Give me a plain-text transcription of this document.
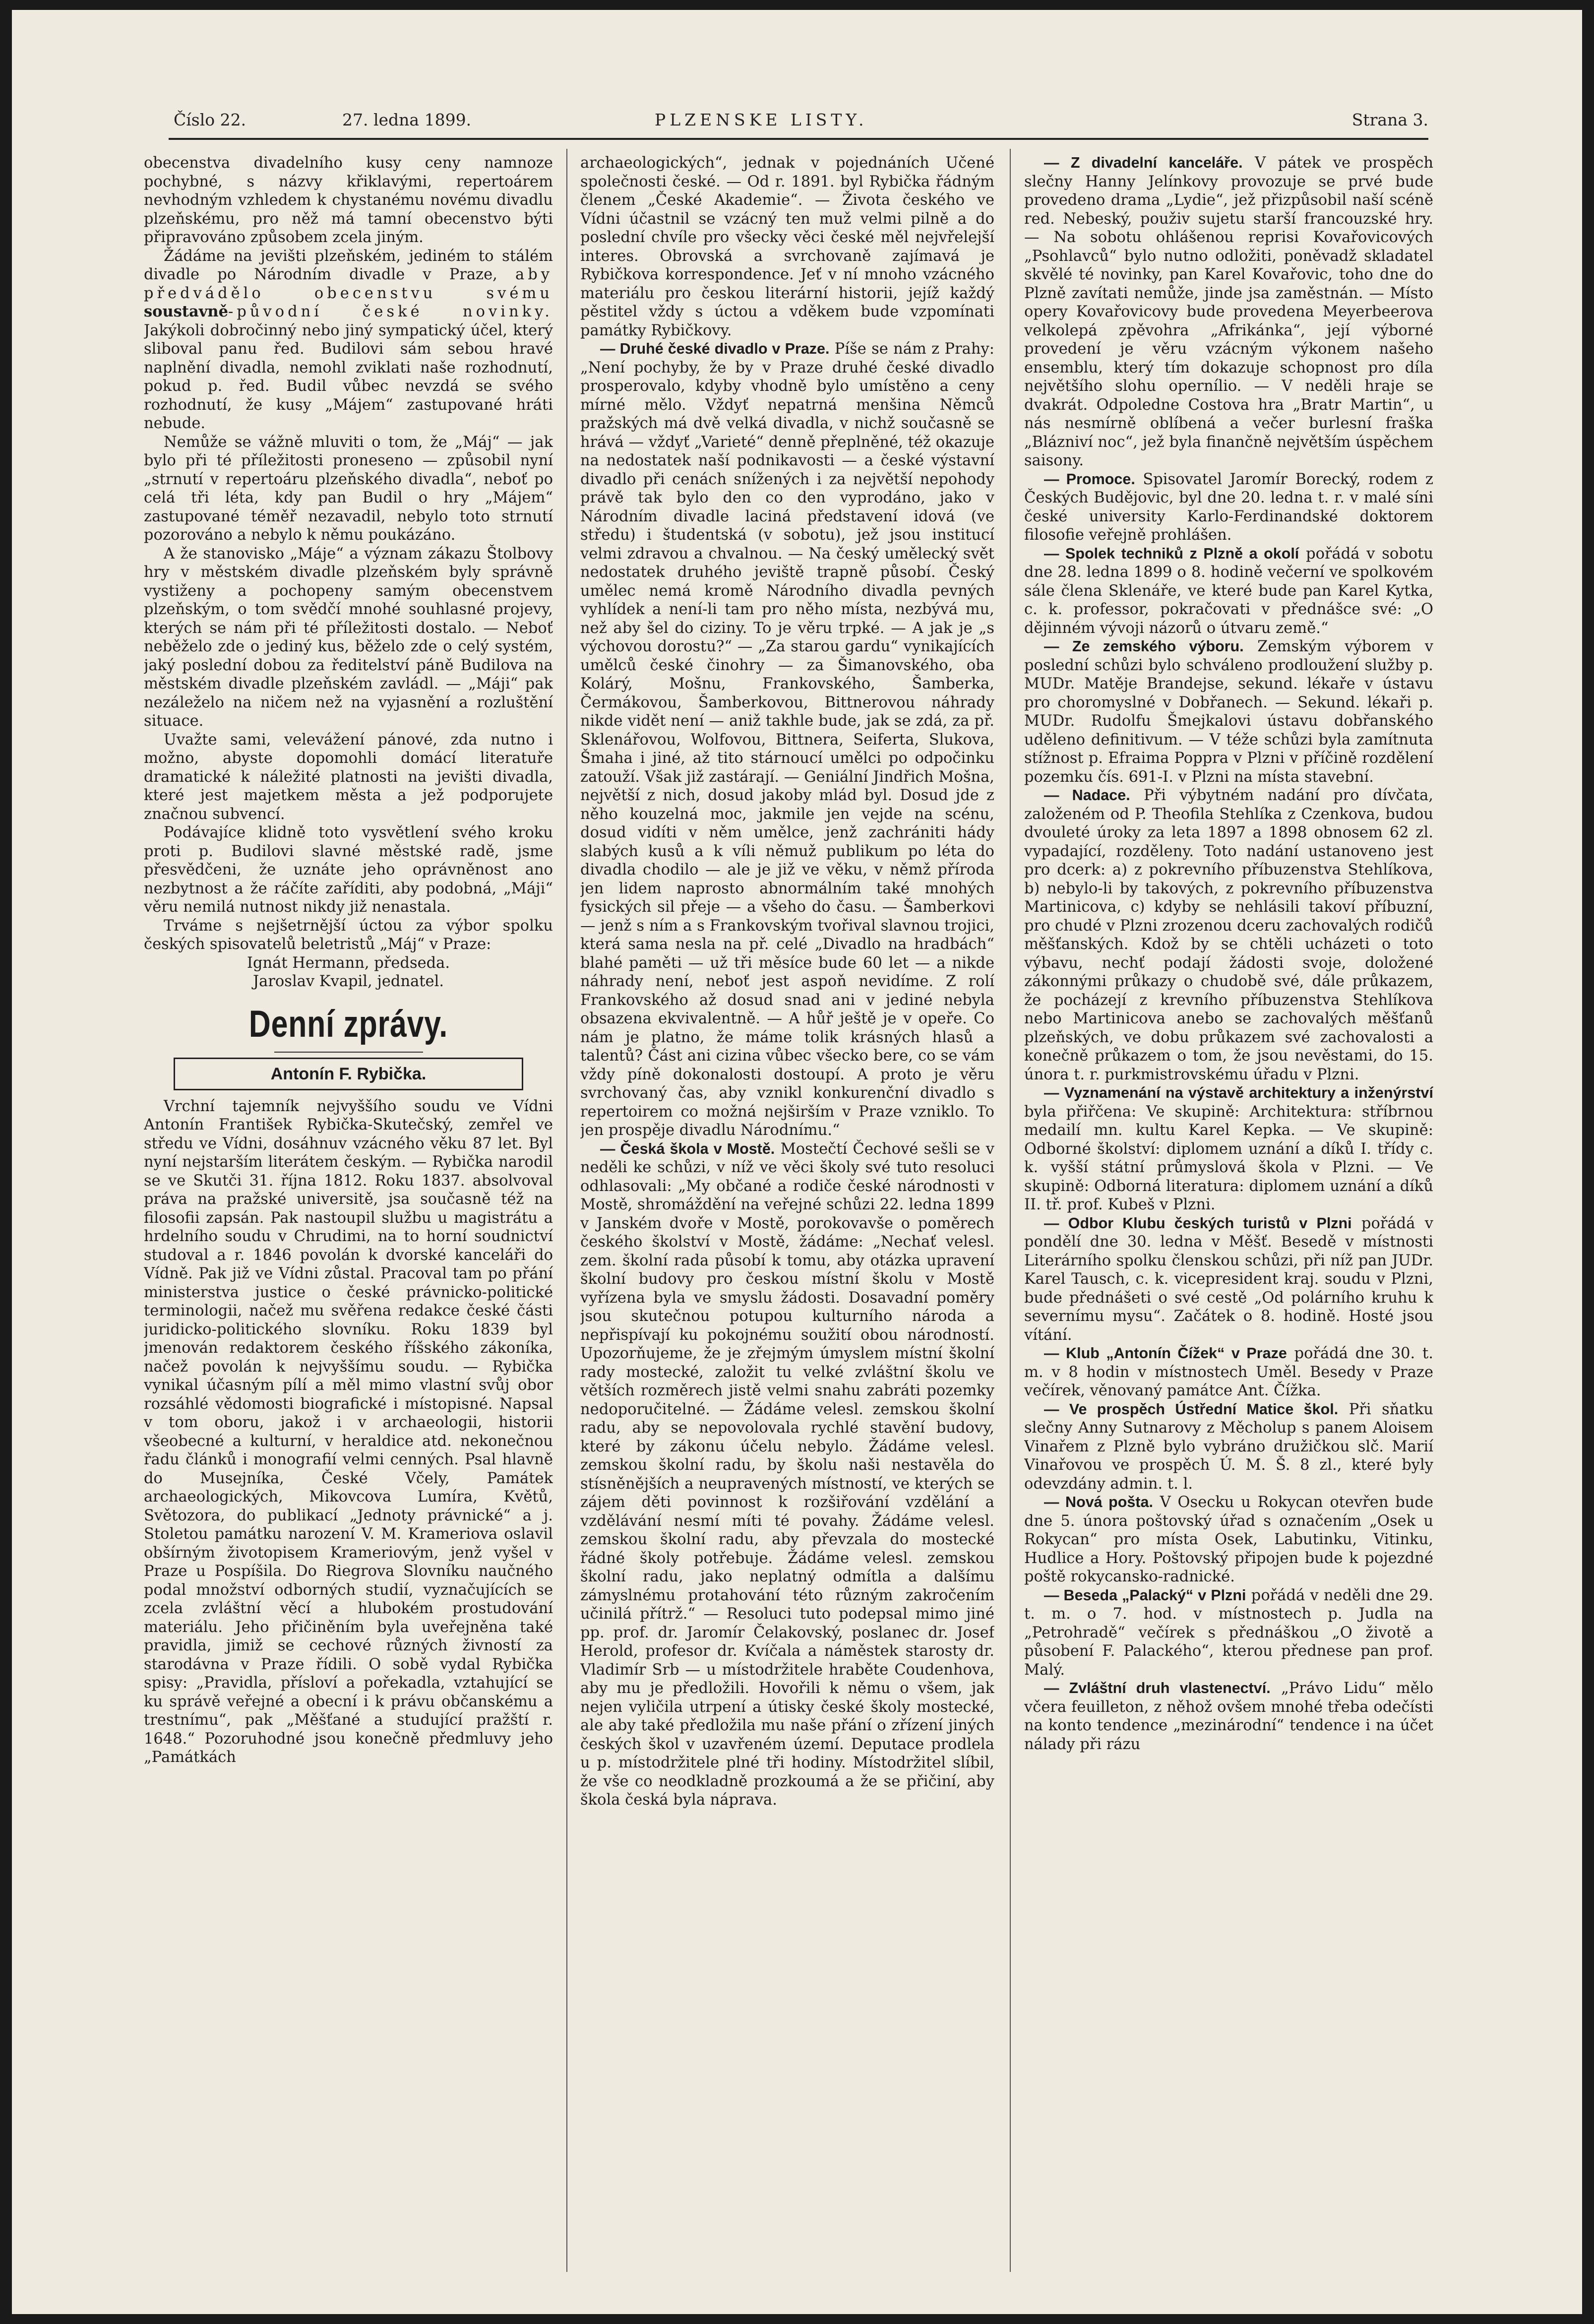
Číslo 22.	27. ledna 1899.	PLZENSKE LISTY.	Strana 3.

obecenstva divadelního kusy ceny namnoze pochybné, s názvy křiklavými, repertoárem nevhodným vzhledem k chystanému novému divadlu plzeňskému, pro něž má tamní obecenstvo býti připravováno způsobem zcela jiným.

Žádáme na jevišti plzeňském, jediném to stálém divadle po Národním divadle v Praze, aby předvádělo obecenstvu svému soustavně-původní české novinky. Jakýkoli dobročinný nebo jiný sympatický účel, který sliboval panu řed. Budilovi sám sebou hravé naplnění divadla, nemohl zviklati naše rozhodnutí, pokud p. řed. Budil vůbec nevzdá se svého rozhodnutí, že kusy „Májem“ zastupované hráti nebude.

Nemůže se vážně mluviti o tom, že „Máj“ — jak bylo při té příležitosti proneseno — způsobil nyní „strnutí v repertoáru plzeňského divadla“, neboť po celá tři léta, kdy pan Budil o hry „Májem“ zastupované téměř nezavadil, nebylo toto strnutí pozorováno a nebylo k němu poukázáno.

A že stanovisko „Máje“ a význam zákazu Štolbovy hry v městském divadle plzeňském byly správně vystiženy a pochopeny samým obecenstvem plzeňským, o tom svědčí mnohé souhlasné projevy, kterých se nám při té příležitosti dostalo. — Neboť neběželo zde o jediný kus, běželo zde o celý systém, jaký poslední dobou za ředitelství páně Budilova na městském divadle plzeňském zavládl. — „Máji“ pak nezáleželo na ničem než na vyjasnění a rozluštění situace.

Uvažte sami, velevážení pánové, zda nutno i možno, abyste dopomohli domácí literatuře dramatické k náležité platnosti na jevišti divadla, které jest majetkem města a jež podporujete značnou subvencí.

Podávajíce klidně toto vysvětlení svého kroku proti p. Budilovi slavné městské radě, jsme přesvědčeni, že uznáte jeho oprávněnost ano nezbytnost a že ráčíte zaříditi, aby podobná, „Máji“ věru nemilá nutnost nikdy již nenastala.

Trváme s nejšetrnější úctou za výbor spolku českých spisovatelů beletristů „Máj“ v Praze:

Ignát Hermann, předseda.

Jaroslav Kvapil, jednatel.

Denní zprávy.
Antonín F. Rybička.

Vrchní tajemník nejvyššího soudu ve Vídni Antonín František Rybička-Skutečský, zemřel ve středu ve Vídni, dosáhnuv vzácného věku 87 let. Byl nyní nejstarším literátem českým. — Rybička narodil se ve Skutči 31. října 1812. Roku 1837. absolvoval práva na pražské universitě, jsa současně též na filosofii zapsán. Pak nastoupil službu u magistrátu a hrdelního soudu v Chrudimi, na to horní soudnictví studoval a r. 1846 povolán k dvorské kanceláři do Vídně. Pak již ve Vídni zůstal. Pracoval tam po přání ministerstva justice o české právnicko-politické terminologii, načež mu svěřena redakce české části juridicko-politického slovníku. Roku 1839 byl jmenován redaktorem českého říšského zákoníka, načež povolán k nejvyššímu soudu. — Rybička vynikal účasným pílí a měl mimo vlastní svůj obor rozsáhlé vědomosti biografické i místopisné. Napsal v tom oboru, jakož i v archaeologii, historii všeobecné a kulturní, v heraldice atd. nekonečnou řadu článků i monografií velmi cenných. Psal hlavně do Musejníka, České Včely, Památek archaeologických, Mikovcova Lumíra, Květů, Světozora, do publikací „Jednoty právnické“ a j. Stoletou památku narození V. M. Krameriova oslavil obšírným životopisem Krameriovým, jenž vyšel v Praze u Pospíšila. Do Riegrova Slovníku naučného podal množství odborných studií, vyznačujících se zcela zvláštní věcí a hlubokém prostudování materiálu. Jeho přičiněním byla uveřejněna také pravidla, jimiž se cechové různých živností za starodávna v Praze řídili. O sobě vydal Rybička spisy: „Pravidla, přísloví a pořekadla, vztahující se ku správě veřejné a obecní i k právu občanskému a trestnímu“, pak „Měšťané a studující pražští r. 1648.“ Pozoruhodné jsou konečně předmluvy jeho „Památkách

archaeologických“, jednak v pojednáních Učené společnosti české. — Od r. 1891. byl Rybička řádným členem „České Akademie“. — Života českého ve Vídni účastnil se vzácný ten muž velmi pilně a do poslední chvíle pro všecky věci české měl nejvřelejší interes. Obrovská a svrchovaně zajímavá je Rybičkova korrespondence. Jeť v ní mnoho vzácného materiálu pro českou literární historii, jejíž každý pěstitel vždy s úctou a vděkem bude vzpomínati památky Rybičkovy.

— Druhé české divadlo v Praze. Píše se nám z Prahy: „Není pochyby, že by v Praze druhé české divadlo prosperovalo, kdyby vhodně bylo umístěno a ceny mírné mělo. Vždyť nepatrná menšina Němců pražských má dvě velká divadla, v nichž současně se hrává — vždyť „Varieté“ denně přeplněné, též okazuje na nedostatek naší podnikavosti — a české výstavní divadlo při cenách snížených i za největší nepohody právě tak bylo den co den vyprodáno, jako v Národním divadle laciná představení idová (ve středu) i študentská (v sobotu), jež jsou institucí velmi zdravou a chvalnou. — Na český umělecký svět nedostatek druhého jeviště trapně působí. Český umělec nemá kromě Národního divadla pevných vyhlídek a není-li tam pro něho místa, nezbývá mu, než aby šel do ciziny. To je věru trpké. — A jak je „s výchovou dorostu?“ — „Za starou gardu“ vynikajících umělců české činohry — za Šimanovského, oba Kolárý, Mošnu, Frankovského, Šamberka, Čermákovou, Šamberkovou, Bittnerovou náhrady nikde vidět není — aniž takhle bude, jak se zdá, za př. Sklenářovou, Wolfovou, Bittnera, Seiferta, Slukova, Šmaha i jiné, až tito stárnoucí umělci po odpočinku zatouží. Však již zastárají. — Geniální Jindřich Mošna, největší z nich, dosud jakoby mlád byl. Dosud jde z něho kouzelná moc, jakmile jen vejde na scénu, dosud vidíti v něm umělce, jenž zachrániti hády slabých kusů a k víli němuž publikum po léta do divadla chodilo — ale je již ve věku, v němž příroda jen lidem naprosto abnormálním také mnohých fysických sil přeje — a všeho do času. — Šamberkovi — jenž s ním a s Frankovským tvořival slavnou trojici, která sama nesla na př. celé „Divadlo na hradbách“ blahé paměti — už tři měsíce bude 60 let — a nikde náhrady není, neboť jest aspoň nevidíme. Z rolí Frankovského až dosud snad ani v jediné nebyla obsazena ekvivalentně. — A hůř ještě je v opeře. Co nám je platno, že máme tolik krásných hlasů a talentů? Část ani cizina vůbec všecko bere, co se vám vždy píně dokonalosti dostoupí. A proto je věru svrchovaný čas, aby vznikl konkurenční divadlo s repertoirem co možná nejširším v Praze vzniklo. To jen prospěje divadlu Národnímu.“

— Česká škola v Mostě. Mostečtí Čechové sešli se v neděli ke schůzi, v níž ve věci školy své tuto resoluci odhlasovali: „My občané a rodiče české národnosti v Mostě, shromáždění na veřejné schůzi 22. ledna 1899 v Janském dvoře v Mostě, porokovavše o poměrech českého školství v Mostě, žádáme: „Nechať velesl. zem. školní rada působí k tomu, aby otázka upravení školní budovy pro českou místní školu v Mostě vyřízena byla ve smyslu žádosti. Dosavadní poměry jsou skutečnou potupou kulturního národa a nepřispívají ku pokojnému soužití obou národností. Upozorňujeme, že je zřejmým úmyslem místní školní rady mostecké, založit tu velké zvláštní školu ve větších rozměrech jistě velmi snahu zabráti pozemky nedoporučitelné. — Žádáme velesl. zemskou školní radu, aby se nepovolovala rychlé stavění budovy, které by zákonu účelu nebylo. Žádáme velesl. zemskou školní radu, by školu naši nestavěla do stísněnějších a neupravených místností, ve kterých se zájem děti povinnost k rozšiřování vzdělání a vzdělávání nesmí míti té povahy. Žádáme velesl. zemskou školní radu, aby převzala do mostecké řádné školy potřebuje. Žádáme velesl. zemskou školní radu, jako neplatný odmítla a dalšímu zámyslnému protahování této různým zakročením učinilá přítrž.“ — Resoluci tuto podepsal mimo jiné pp. prof. dr. Jaromír Čelakovský, poslanec dr. Josef Herold, profesor dr. Kvíčala a náměstek starosty dr. Vladimír Srb — u místodržitele hraběte Coudenhova, aby mu je předložili. Hovořili k němu o všem, jak nejen vyličila utrpení a útisky české školy mostecké, ale aby také předložila mu naše přání o zřízení jiných českých škol v uzavřeném území. Deputace prodlela u p. místodržitele plné tři hodiny. Místodržitel slíbil, že vše co neodkladně prozkoumá a že se přičiní, aby škola česká byla náprava.

— Z divadelní kanceláře. V pátek ve prospěch slečny Hanny Jelínkovy provozuje se prvé bude provedeno drama „Lydie“, jež přizpůsobil naší scéně red. Nebeský, použiv sujetu starší francouzské hry. — Na sobotu ohlášenou reprisi Kovařovicových „Psohlavců“ bylo nutno odložiti, poněvadž skladatel skvělé té novinky, pan Karel Kovařovic, toho dne do Plzně zavítati nemůže, jinde jsa zaměstnán. — Místo opery Kovařovicovy bude provedena Meyerbeerova velkolepá zpěvohra „Afrikánka“, její výborné provedení je věru vzácným výkonem našeho ensemblu, který tím dokazuje schopnost pro díla největšího slohu opernílio. — V neděli hraje se dvakrát. Odpoledne Costova hra „Bratr Martin“, u nás nesmírně oblíbená a večer burlesní fraška „Blázniví noc“, jež byla finančně největším úspěchem saisony.

— Promoce. Spisovatel Jaromír Borecký, rodem z Českých Budějovic, byl dne 20. ledna t. r. v malé síni české university Karlo-Ferdinandské doktorem filosofie veřejně prohlášen.

— Spolek techniků z Plzně a okolí pořádá v sobotu dne 28. ledna 1899 o 8. hodině večerní ve spolkovém sále člena Sklenáře, ve které bude pan Karel Kytka, c. k. professor, pokračovati v přednášce své: „O dějinném vývoji názorů o útvaru země.“

— Ze zemského výboru. Zemským výborem v poslední schůzi bylo schváleno prodloužení služby p. MUDr. Matěje Brandejse, sekund. lékaře v ústavu pro choromyslné v Dobřanech. — Sekund. lékaři p. MUDr. Rudolfu Šmejkalovi ústavu dobřanského uděleno definitivum. — V téže schůzi byla zamítnuta stížnost p. Efraima Poppra v Plzni v příčině rozdělení pozemku čís. 691-I. v Plzni na místa stavební.

— Nadace. Při výbytném nadání pro dívčata, založeném od P. Theofila Stehlíka z Czenkova, budou dvouleté úroky za leta 1897 a 1898 obnosem 62 zl. vypadající, rozděleny. Toto nadání ustanoveno jest pro dcerk: a) z pokrevního příbuzenstva Stehlíkova, b) nebylo-li by takových, z pokrevního příbuzenstva Martinicova, c) kdyby se nehlásili takoví příbuzní, pro chudé v Plzni zrozenou dceru zachovalých rodičů měšťanských. Kdož by se chtěli ucházeti o toto výbavu, nechť podají žádosti svoje, doložené zákonnými průkazy o chudobě své, dále průkazem, že pocházejí z krevního příbuzenstva Stehlíkova nebo Martinicova anebo se zachovalých měšťanů plzeňských, ve dobu průkazem své zachovalosti a konečně průkazem o tom, že jsou nevěstami, do 15. února t. r. purkmistrovskému úřadu v Plzni.

— Vyznamenání na výstavě architektury a inženýrství byla přiřčena: Ve skupině: Architektura: stříbrnou medailí mn. kultu Karel Kepka. — Ve skupině: Odborné školství: diplomem uznání a díků I. třídy c. k. vyšší státní průmyslová škola v Plzni. — Ve skupině: Odborná literatura: diplomem uznání a díků II. tř. prof. Kubeš v Plzni.

— Odbor Klubu českých turistů v Plzni pořádá v pondělí dne 30. ledna v Měšť. Besedě v místnosti Literárního spolku členskou schůzi, při níž pan JUDr. Karel Tausch, c. k. vicepresident kraj. soudu v Plzni, bude přednášeti o své cestě „Od polárního kruhu k severnímu mysu“. Začátek o 8. hodině. Hosté jsou vítání.

— Klub „Antonín Čížek“ v Praze pořádá dne 30. t. m. v 8 hodin v místnostech Uměl. Besedy v Praze večírek, věnovaný památce Ant. Čížka.

— Ve prospěch Ústřední Matice škol. Při sňatku slečny Anny Sutnarovy z Měcholup s panem Aloisem Vinařem z Plzně bylo vybráno družičkou slč. Marií Vinařovou ve prospěch Ú. M. Š. 8 zl., které byly odevzdány admin. t. l.

— Nová pošta. V Osecku u Rokycan otevřen bude dne 5. února poštovský úřad s označením „Osek u Rokycan“ pro místa Osek, Labutinku, Vitinku, Hudlice a Hory. Poštovský připojen bude k pojezdné poště rokycansko-radnické.

— Beseda „Palacký“ v Plzni pořádá v neděli dne 29. t. m. o 7. hod. v místnostech p. Judla na „Petrohradě“ večírek s přednáškou „O životě a působení F. Palackého“, kterou přednese pan prof. Malý.

— Zvláštní druh vlastenectví. „Právo Lidu“ mělo včera feuilleton, z něhož ovšem mnohé třeba odečísti na konto tendence „mezinárodní“ tendence i na účet nálady při rázu
